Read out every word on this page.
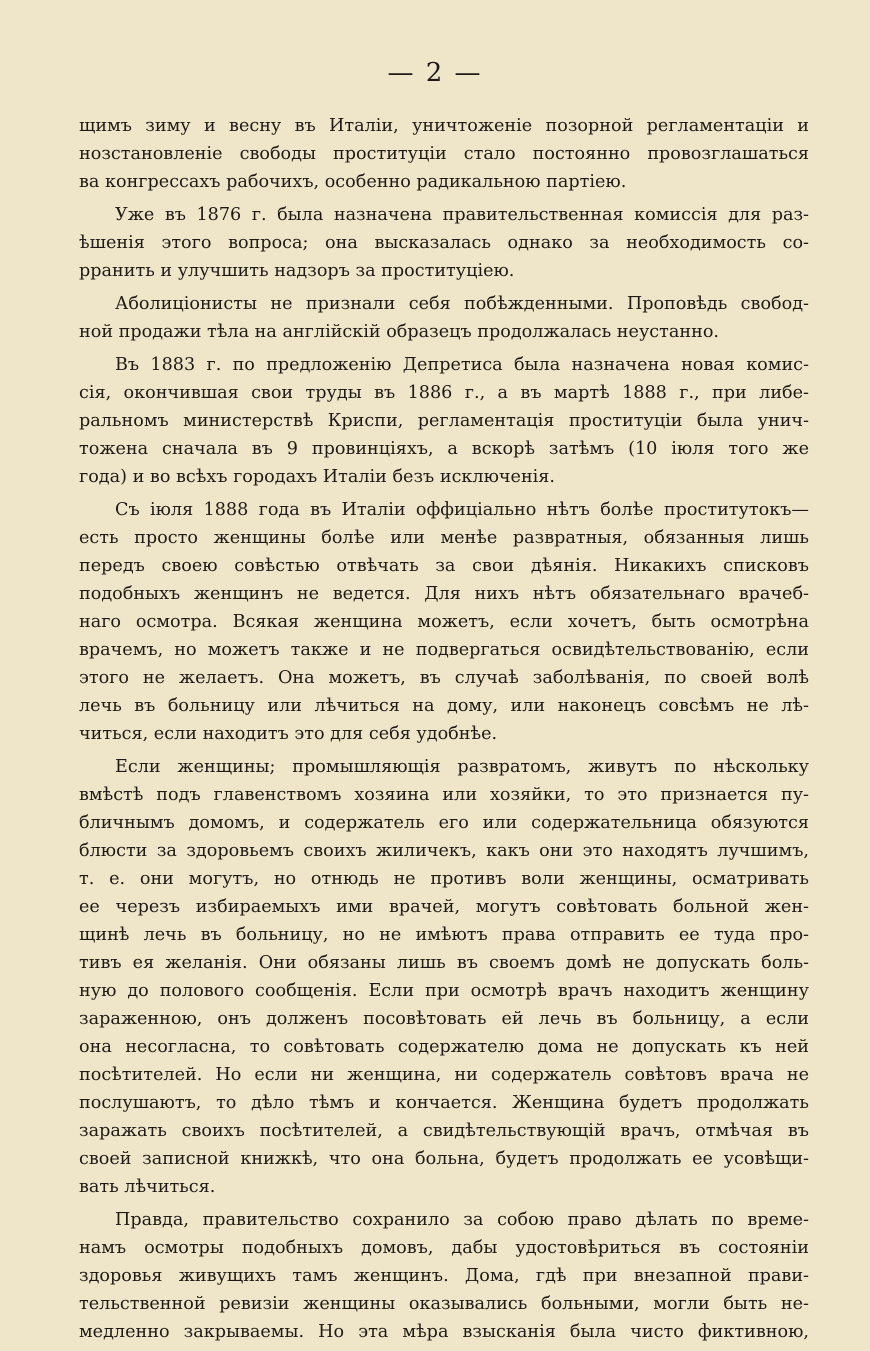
— 2 —
щимъ зиму и весну въ Италіи, уничтоженіе позорной регламентаціи и
нозстановленіе свободы проституціи стало постоянно провозглашаться
ва конгрессахъ рабочихъ, особенно радикальною партіею.
Уже въ 1876 г. была назначена правительственная комиссія для раз-
ѣшенія этого вопроса; она высказалась однако за необходимость со-
рранить и улучшить надзоръ за проституціею.
Аболиціонисты не признали себя побѣжденными. Проповѣдь свобод-
ной продажи тѣла на англійскій образецъ продолжалась неустанно.
Въ 1883 г. по предложенію Депретиса была назначена новая комис-
сія, окончившая свои труды въ 1886 г., а въ мартѣ 1888 г., при либе-
ральномъ министерствѣ Криспи, регламентація проституціи была унич-
тожена сначала въ 9 провинціяхъ, а вскорѣ затѣмъ (10 іюля того же
года) и во всѣхъ городахъ Италіи безъ исключенія.
Съ іюля 1888 года въ Италіи оффиціально нѣтъ болѣе проститутокъ—
есть просто женщины болѣе или менѣе развратныя, обязанныя лишь
передъ своею совѣстью отвѣчать за свои дѣянія. Никакихъ списковъ
подобныхъ женщинъ не ведется. Для нихъ нѣтъ обязательнаго врачеб-
наго осмотра. Всякая женщина можетъ, если хочетъ, быть осмотрѣна
врачемъ, но можетъ также и не подвергаться освидѣтельствованію, если
этого не желаетъ. Она можетъ, въ случаѣ заболѣванія, по своей волѣ
лечь въ больницу или лѣчиться на дому, или наконецъ совсѣмъ не лѣ-
читься, если находитъ это для себя удобнѣе.
Если женщины; промышляющія развратомъ, живутъ по нѣскольку
вмѣстѣ подъ главенствомъ хозяина или хозяйки, то это признается пу-
бличнымъ домомъ, и содержатель его или содержательница обязуются
блюсти за здоровьемъ своихъ жиличекъ, какъ они это находятъ лучшимъ,
т. е. они могутъ, но отнюдь не противъ воли женщины, осматривать
ее черезъ избираемыхъ ими врачей, могутъ совѣтовать больной жен-
щинѣ лечь въ больницу, но не имѣютъ права отправить ее туда про-
тивъ ея желанія. Они обязаны лишь въ своемъ домѣ не допускать боль-
ную до полового сообщенія. Если при осмотрѣ врачъ находитъ женщину
зараженною, онъ долженъ посовѣтовать ей лечь въ больницу, а если
она несогласна, то совѣтовать содержателю дома не допускать къ ней
посѣтителей. Но если ни женщина, ни содержатель совѣтовъ врача не
послушаютъ, то дѣло тѣмъ и кончается. Женщина будетъ продолжать
заражать своихъ посѣтителей, а свидѣтельствующій врачъ, отмѣчая въ
своей записной книжкѣ, что она больна, будетъ продолжать ее усовѣщи-
вать лѣчиться.
Правда, правительство сохранило за собою право дѣлать по време-
намъ осмотры подобныхъ домовъ, дабы удостовѣриться въ состояніи
здоровья живущихъ тамъ женщинъ. Дома, гдѣ при внезапной прави-
тельственной ревизіи женщины оказывались больными, могли быть не-
медленно закрываемы. Но эта мѣра взысканія была чисто фиктивною,
